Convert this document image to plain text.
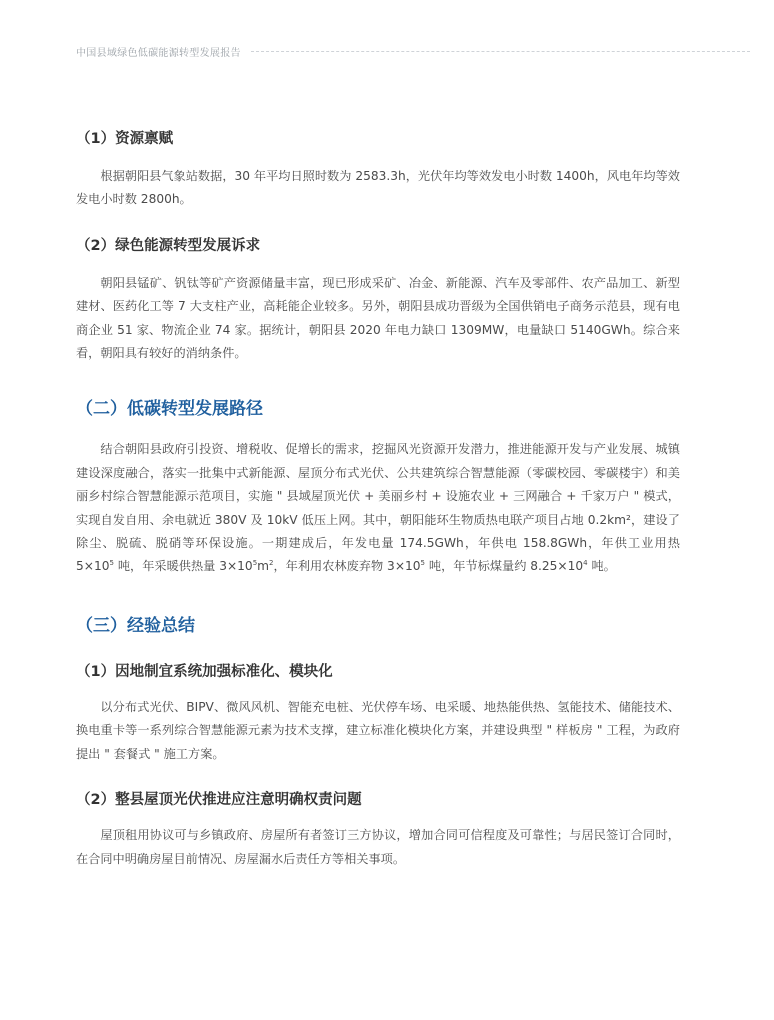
中国县域绿色低碳能源转型发展报告
（1）资源禀赋

根据朝阳县气象站数据，30 年平均日照时数为 2583.3h，光伏年均等效发电小时数 1400h，风电年均等效发电小时数 2800h。

（2）绿色能源转型发展诉求

朝阳县锰矿、钒钛等矿产资源储量丰富，现已形成采矿、冶金、新能源、汽车及零部件、农产品加工、新型建材、医药化工等 7 大支柱产业，高耗能企业较多。另外，朝阳县成功晋级为全国供销电子商务示范县，现有电商企业 51 家、物流企业 74 家。据统计，朝阳县 2020 年电力缺口 1309MW，电量缺口 5140GWh。综合来看，朝阳具有较好的消纳条件。

（二）低碳转型发展路径

结合朝阳县政府引投资、增税收、促增长的需求，挖掘风光资源开发潜力，推进能源开发与产业发展、城镇建设深度融合，落实一批集中式新能源、屋顶分布式光伏、公共建筑综合智慧能源（零碳校园、零碳楼宇）和美丽乡村综合智慧能源示范项目，实施 " 县域屋顶光伏 + 美丽乡村 + 设施农业 + 三网融合 + 千家万户 " 模式，实现自发自用、余电就近 380V 及 10kV 低压上网。其中，朝阳能环生物质热电联产项目占地 0.2km²，建设了除尘、脱硫、脱硝等环保设施。一期建成后，年发电量 174.5GWh，年供电 158.8GWh，年供工业用热 $5\times 10^5$ 吨，年采暖供热量 $3\times 10^5m^2$，年利用农林废弃物 $3\times 10^5$ 吨，年节标煤量约 $8.25\times 10^4$ 吨。

（三）经验总结
（1）因地制宜系统加强标准化、模块化

以分布式光伏、BIPV、微风风机、智能充电桩、光伏停车场、电采暖、地热能供热、氢能技术、储能技术、换电重卡等一系列综合智慧能源元素为技术支撑，建立标准化模块化方案，并建设典型 " 样板房 " 工程，为政府提出 " 套餐式 " 施工方案。

（2）整县屋顶光伏推进应注意明确权责问题

屋顶租用协议可与乡镇政府、房屋所有者签订三方协议，增加合同可信程度及可靠性；与居民签订合同时，在合同中明确房屋目前情况、房屋漏水后责任方等相关事项。
